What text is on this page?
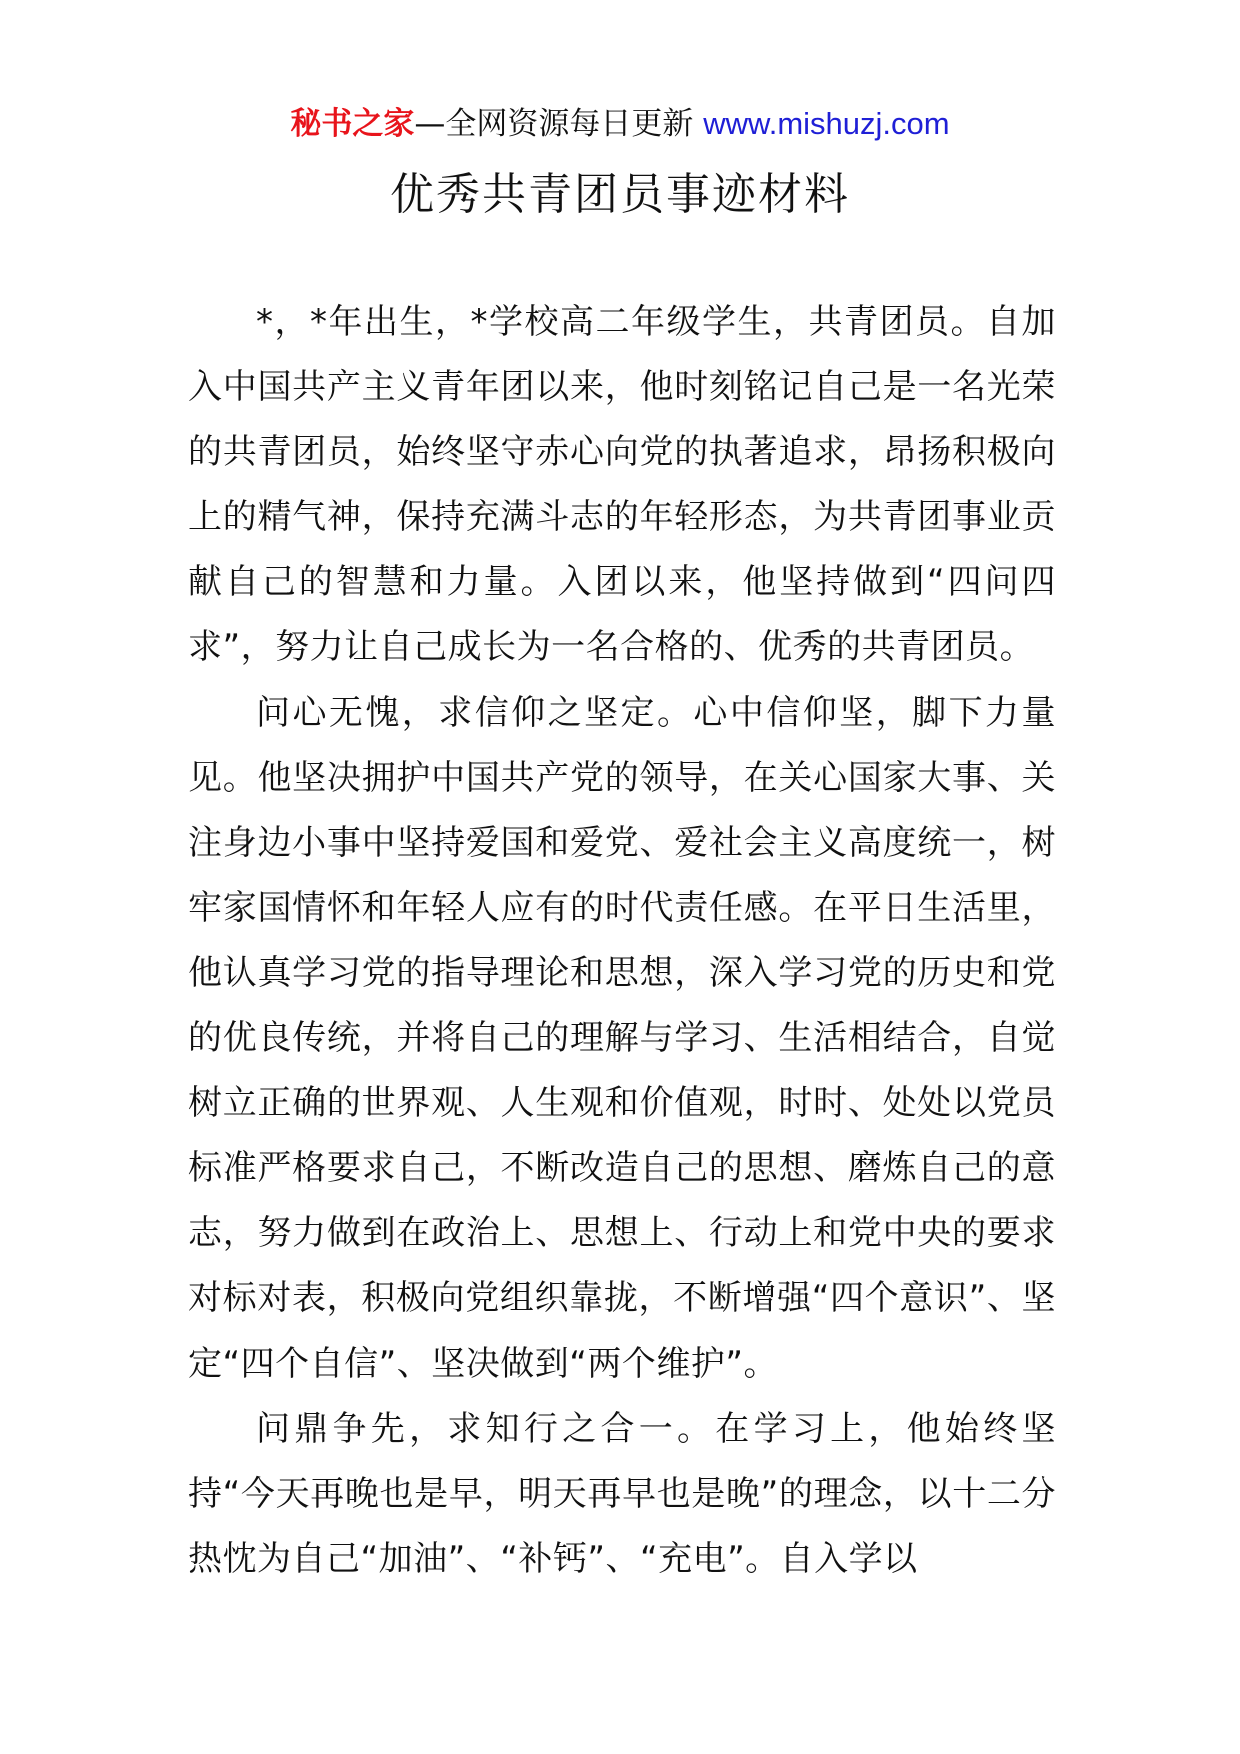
秘书之家—全网资源每日更新 www.mishuzj.com
优秀共青团员事迹材料

*，*年出生，*学校高二年级学生，共青团员。自加入中国共产主义青年团以来，他时刻铭记自己是一名光荣的共青团员，始终坚守赤心向党的执著追求，昂扬积极向上的精气神，保持充满斗志的年轻形态，为共青团事业贡献自己的智慧和力量。入团以来，他坚持做到“四问四求”，努力让自己成长为一名合格的、优秀的共青团员。

问心无愧，求信仰之坚定。心中信仰坚，脚下力量见。他坚决拥护中国共产党的领导，在关心国家大事、关注身边小事中坚持爱国和爱党、爱社会主义高度统一，树牢家国情怀和年轻人应有的时代责任感。在平日生活里，他认真学习党的指导理论和思想，深入学习党的历史和党的优良传统，并将自己的理解与学习、生活相结合，自觉树立正确的世界观、人生观和价值观，时时、处处以党员标准严格要求自己，不断改造自己的思想、磨炼自己的意志，努力做到在政治上、思想上、行动上和党中央的要求对标对表，积极向党组织靠拢，不断增强“四个意识”、坚定“四个自信”、坚决做到“两个维护”。

问鼎争先，求知行之合一。在学习上，他始终坚持“今天再晚也是早，明天再早也是晚”的理念，以十二分热忱为自己“加油”、“补钙”、“充电”。自入学以
